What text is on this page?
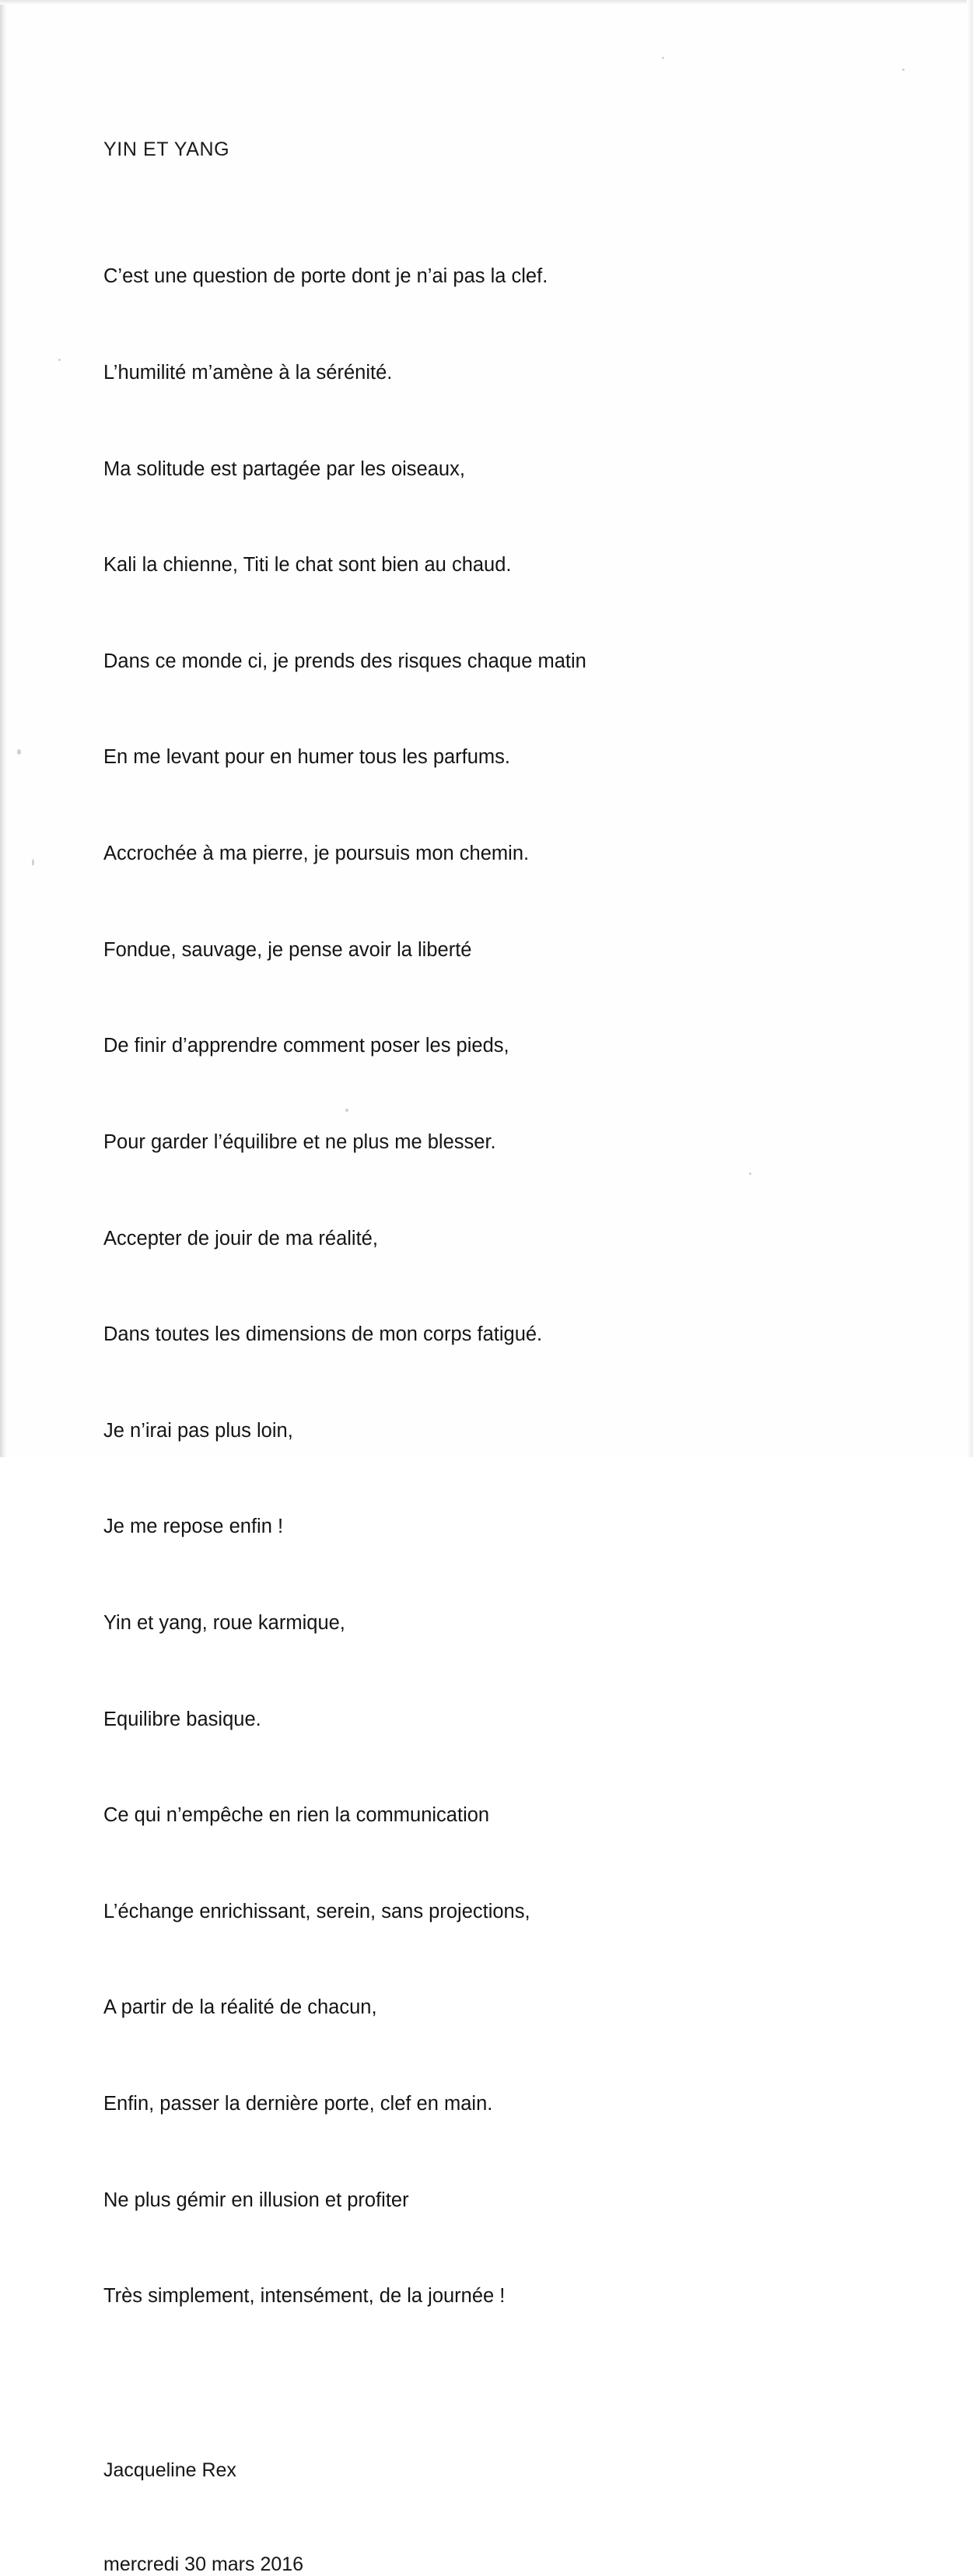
YIN ET YANG

C’est une question de porte dont je n’ai pas la clef.

L’humilité m’amène à la sérénité.

Ma solitude est partagée par les oiseaux,

Kali la chienne, Titi le chat sont bien au chaud.

Dans ce monde ci, je prends des risques chaque matin

En me levant pour en humer tous les parfums.

Accrochée à ma pierre, je poursuis mon chemin.

Fondue, sauvage, je pense avoir la liberté

De finir d’apprendre comment poser les pieds,

Pour garder l’équilibre et ne plus me blesser.

Accepter de jouir de ma réalité,

Dans toutes les dimensions de mon corps fatigué.

Je n’irai pas plus loin,

Je me repose enfin !

Yin et yang, roue karmique,

Equilibre basique.

Ce qui n’empêche en rien la communication

L’échange enrichissant, serein, sans projections,

A partir de la réalité de chacun,

Enfin, passer la dernière porte, clef en main.

Ne plus gémir en illusion et profiter

Très simplement, intensément, de la journée !

Jacqueline Rex
mercredi 30 mars 2016
